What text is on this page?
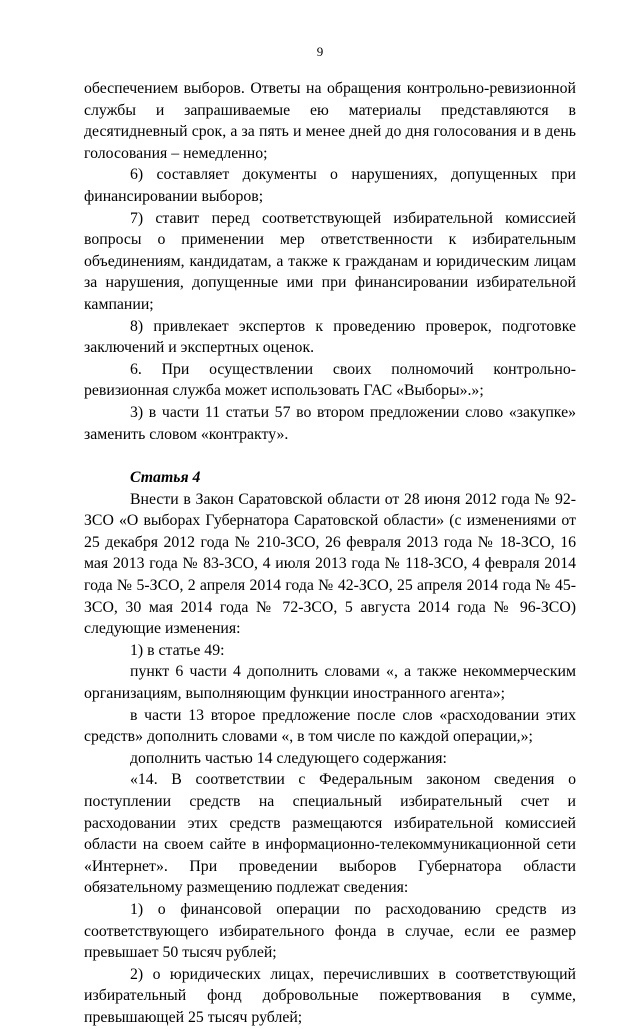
9

обеспечением выборов. Ответы на обращения контрольно-ревизионной службы и запрашиваемые ею материалы представляются в десятидневный срок, а за пять и менее дней до дня голосования и в день голосования – немедленно;

6) составляет документы о нарушениях, допущенных при финансировании выборов;

7) ставит перед соответствующей избирательной комиссией вопросы о применении мер ответственности к избирательным объединениям, кандидатам, а также к гражданам и юридическим лицам за нарушения, допущенные ими при финансировании избирательной кампании;

8) привлекает экспертов к проведению проверок, подготовке заключений и экспертных оценок.

6. При осуществлении своих полномочий контрольно-ревизионная служба может использовать ГАС «Выборы».»;

3) в части 11 статьи 57 во втором предложении слово «закупке» заменить словом «контракту».

Статья 4

Внести в Закон Саратовской области от 28 июня 2012 года № 92-ЗСО «О выборах Губернатора Саратовской области» (с изменениями от 25 декабря 2012 года № 210-ЗСО, 26 февраля 2013 года № 18-ЗСО, 16 мая 2013 года № 83-ЗСО, 4 июля 2013 года № 118-ЗСО, 4 февраля 2014 года № 5-ЗСО, 2 апреля 2014 года № 42-ЗСО, 25 апреля 2014 года № 45-ЗСО, 30 мая 2014 года № 72-ЗСО, 5 августа 2014 года № 96-ЗСО) следующие изменения:

1) в статье 49:

пункт 6 части 4 дополнить словами «, а также некоммерческим организациям, выполняющим функции иностранного агента»;

в части 13 второе предложение после слов «расходовании этих средств» дополнить словами «, в том числе по каждой операции,»;

дополнить частью 14 следующего содержания:

«14. В соответствии с Федеральным законом сведения о поступлении средств на специальный избирательный счет и расходовании этих средств размещаются избирательной комиссией области на своем сайте в информационно-телекоммуникационной сети «Интернет». При проведении выборов Губернатора области обязательному размещению подлежат сведения:

1) о финансовой операции по расходованию средств из соответствующего избирательного фонда в случае, если ее размер превышает 50 тысяч рублей;

2) о юридических лицах, перечисливших в соответствующий избирательный фонд добровольные пожертвования в сумме, превышающей 25 тысяч рублей;
